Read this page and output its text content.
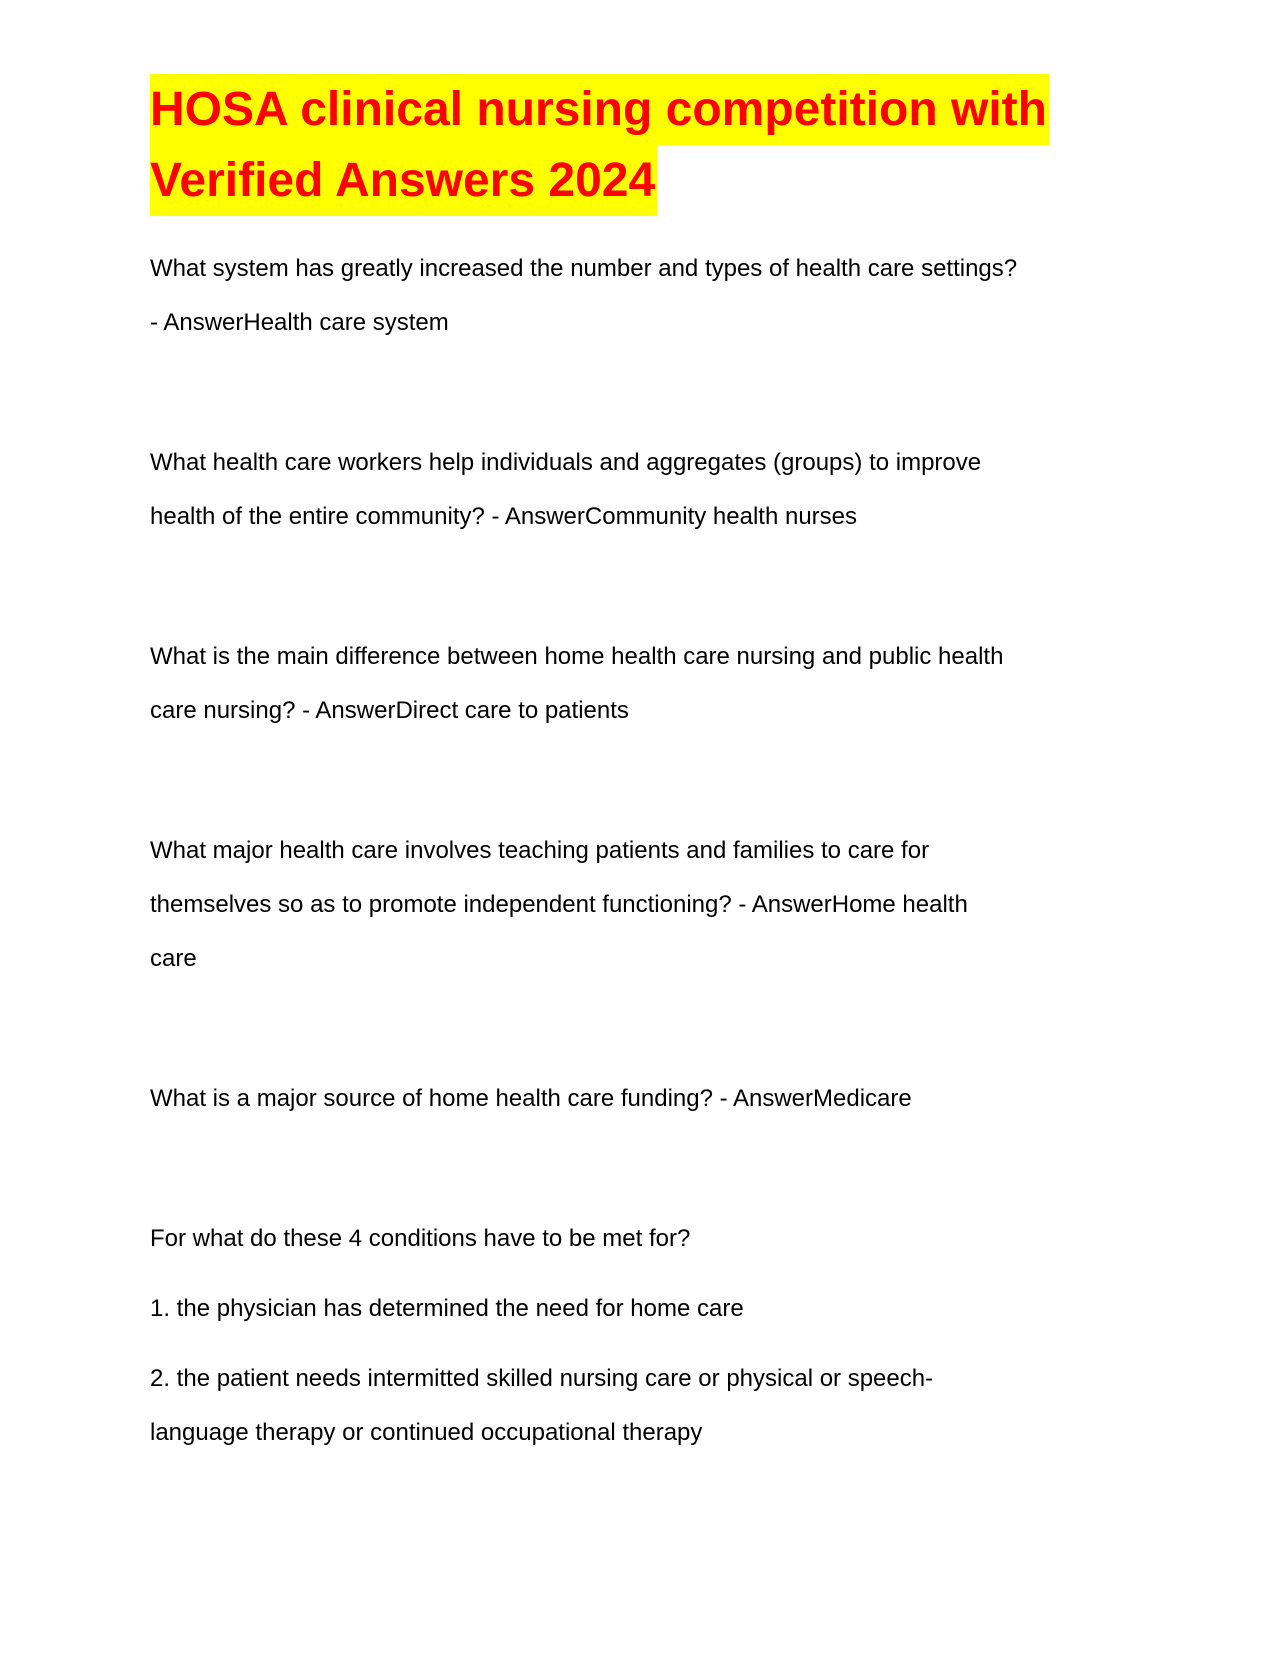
HOSA clinical nursing competition with
Verified Answers 2024

What system has greatly increased the number and types of health care settings?

- AnswerHealth care system

What health care workers help individuals and aggregates (groups) to improve

health of the entire community? - AnswerCommunity health nurses

What is the main difference between home health care nursing and public health

care nursing? - AnswerDirect care to patients

What major health care involves teaching patients and families to care for

themselves so as to promote independent functioning? - AnswerHome health

care

What is a major source of home health care funding? - AnswerMedicare

For what do these 4 conditions have to be met for?

1. the physician has determined the need for home care

2. the patient needs intermitted skilled nursing care or physical or speech-

language therapy or continued occupational therapy
